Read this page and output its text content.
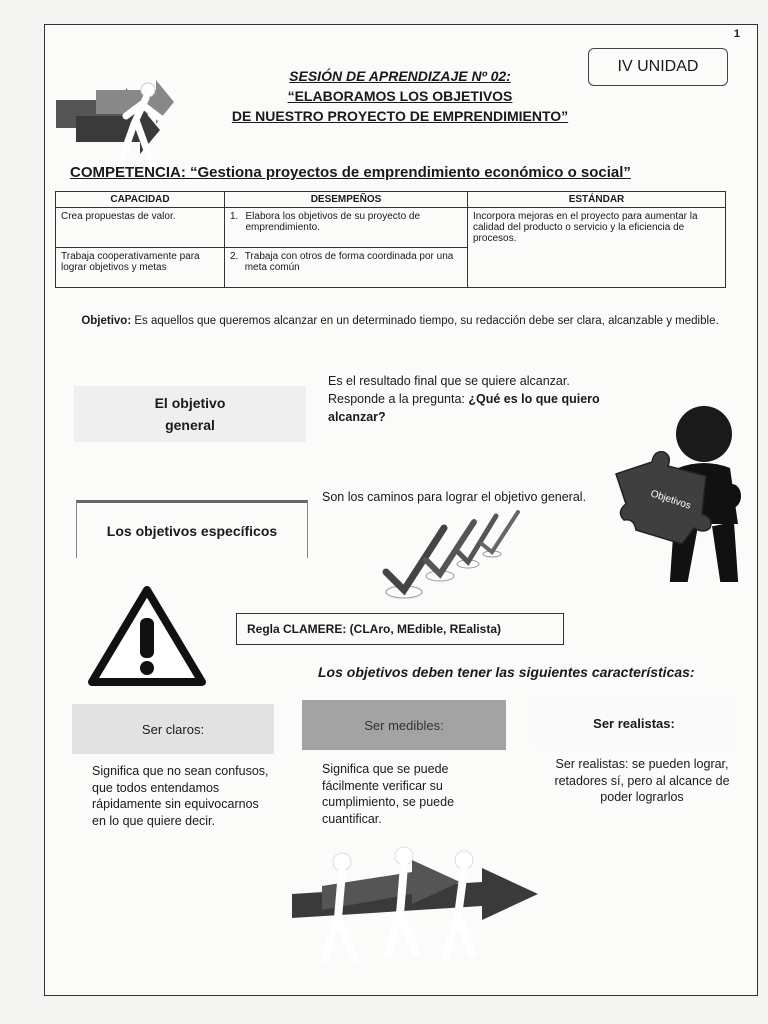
1
IV UNIDAD
SESIÓN DE APRENDIZAJE Nº 02:
“ELABORAMOS LOS OBJETIVOS
DE NUESTRO PROYECTO DE EMPRENDIMIENTO”
COMPETENCIA: “Gestiona proyectos de emprendimiento económico o social”
CAPACIDAD	DESEMPEÑOS	ESTÁNDAR
Crea propuestas de valor.	1. Elabora los objetivos de su proyecto de emprendimiento.	Incorpora mejoras en el proyecto para aumentar la calidad del producto o servicio y la eficiencia de procesos.
Trabaja cooperativamente para lograr objetivos y metas	2. Trabaja con otros de forma coordinada por una meta común	
Objetivo: Es aquellos que queremos alcanzar en un determinado tiempo, su redacción debe ser clara, alcanzable y medible.
El objetivo
general
Es el resultado final que se quiere alcanzar.
Responde a la pregunta: ¿Qué es lo que quiero alcanzar?
Los objetivos específicos
Son los caminos para lograr el objetivo general.	Objetivos
Regla CLAMERE: (CLAro, MEdible, REalista)
Los objetivos deben tener las siguientes características:
Ser claros:	Ser medibles:	Ser realistas:
Significa que no sean confusos, que todos entendamos rápidamente sin equivocarnos en lo que quiere decir.
Significa que se puede fácilmente verificar su cumplimiento, se puede cuantificar.
Ser realistas: se pueden lograr, retadores sí, pero al alcance de poder lograrlos
